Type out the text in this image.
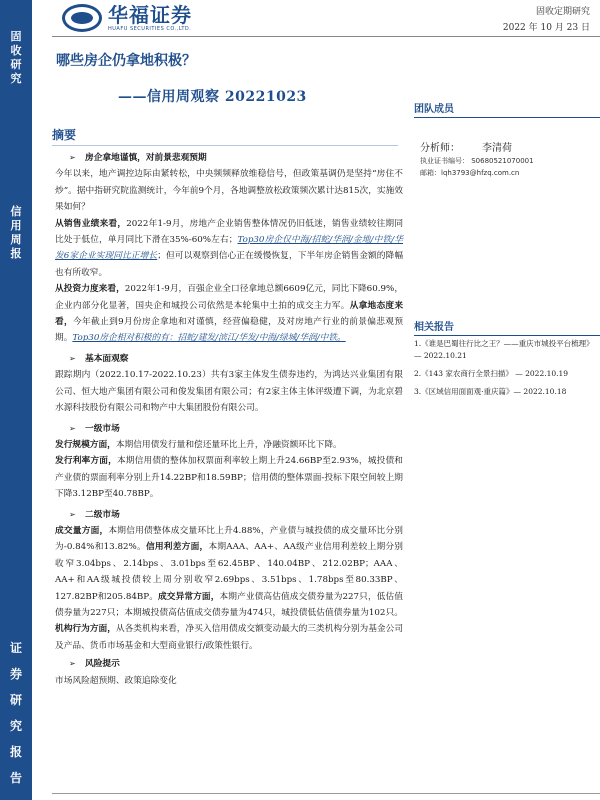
固
收
研
究
信
用
周
报
证
券
研
究
报
告
华福证券
HUAFU SECURITIES CO.,LTD.
固收定期研究
2022 年 10 月 23 日
哪些房企仍拿地积极？
——信用周观察 20221023
团队成员
分析师： 李清荷
执业证书编号： S0680521070001
邮箱：lqh3793@hfzq.com.cn
相关报告
1.《谁是巴蜀往行比之王？——重庆市城投平台梳理》 — 2022.10.21
2.《143 家农商行全景扫描》 — 2022.10.19
3.《区域信用面面观·重庆篇》— 2022.10.18
摘要
➢ 房企拿地谨慎，对前景悲观预期
今年以来，地产调控边际由紧转松，中央频频释放维稳信号，但政策基调仍是坚持“房住不炒”。据中指研究院监测统计，今年前9个月，各地调整放松政策频次累计达815次，实施效果如何？
从销售业绩来看，2022年1-9月，房地产企业销售整体情况仍旧低迷，销售业绩较往期同比处于低位，单月同比下滑在35%-60%左右；Top30房企仅中海/招蛇/华润/金地/中铁/华发6家企业实现同比正增长；但可以观察到信心正在缓慢恢复，下半年房企销售金额的降幅也有所收窄。
从投资力度来看，2022年1-9月，百强企业全口径拿地总额6609亿元，同比下降60.9%，企业内部分化显著，国央企和城投公司依然是本轮集中土拍的成交主力军。从拿地态度来看，今年截止到9月份房企拿地和对谨慎，经营偏稳健，及对房地产行业的前景偏悲观预期。Top30房企相对积极的有：招蛇/建发/滨江/华发/中海/绿城/华润/中铁。
➢ 基本面观察
跟踪期内（2022.10.17-2022.10.23）共有3家主体发生债券违约，为鸿达兴业集团有限公司、恒大地产集团有限公司和俊发集团有限公司；有2家主体主体评级遭下调，为北京碧水源科技股份有限公司和物产中大集团股份有限公司。
➢ 一级市场
发行规模方面，本期信用债发行量和偿还量环比上升，净融资额环比下降。
发行利率方面，本期信用债的整体加权票面利率较上期上升24.66BP至2.93%，城投债和产业债的票面利率分别上升14.22BP和18.59BP；信用债的整体票面-投标下限空间较上期下降3.12BP至40.78BP。
➢ 二级市场
成交量方面，本期信用债整体成交量环比上升4.88%，产业债与城投债的成交量环比分别为-0.84%和13.82%。信用利差方面，本期AAA、AA+、AA级产业信用利差较上期分别收窄3.04bps、2.14bps、3.01bps至62.45BP、140.04BP、212.02BP；AAA、AA+和AA级城投债较上周分别收窄2.69bps、3.51bps、1.78bps至80.33BP、127.82BP和205.84BP。成交异常方面，本期产业债高估值成交债券量为227只，低估值债券量为227只；本期城投债高估值成交债券量为474只，城投债低估值债券量为102只。机构行为方面，从各类机构来看，净买入信用债成交额变动最大的三类机构分别为基金公司及产品、货币市场基金和大型商业银行/政策性银行。
➢ 风险提示
市场风险超预期、政策追除变化
